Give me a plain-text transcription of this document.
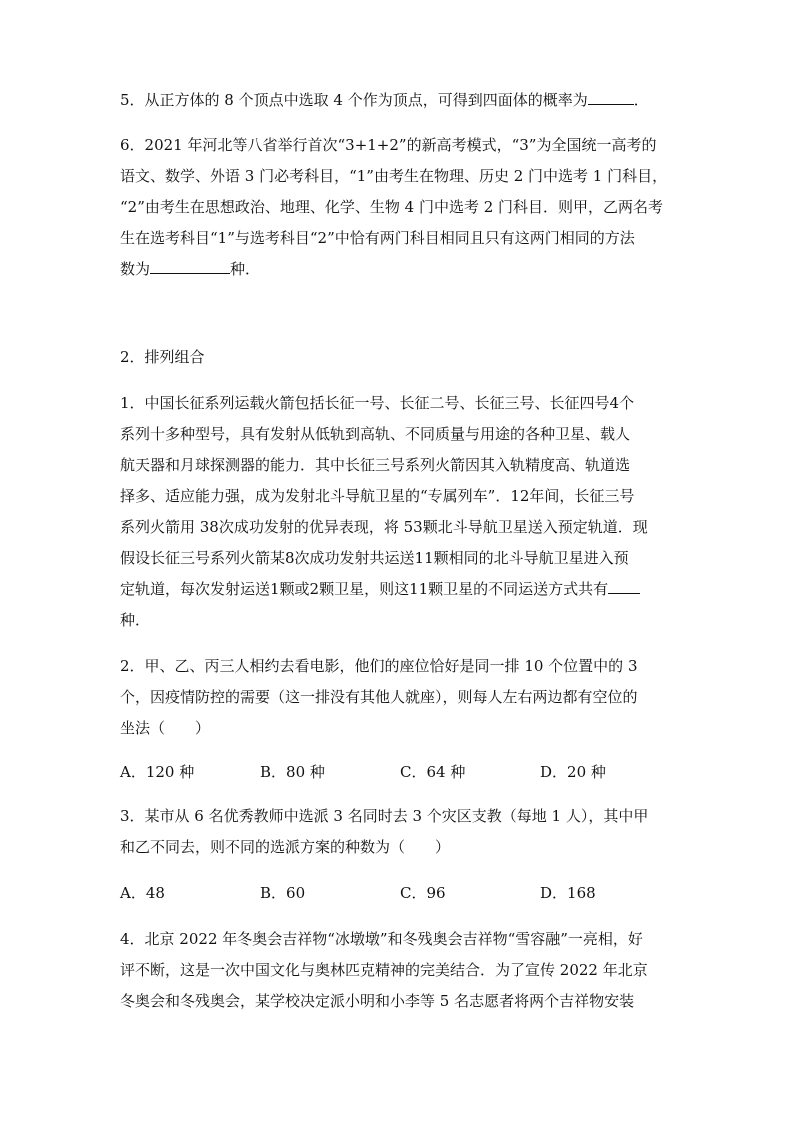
5．从正方体的 8 个顶点中选取 4 个作为顶点，可得到四面体的概率为	．
6．2021 年河北等八省举行首次“3+1+2”的新高考模式，“3”为全国统一高考的
语文、数学、外语 3 门必考科目，“1”由考生在物理、历史 2 门中选考 1 门科目，
“2”由考生在思想政治、地理、化学、生物 4 门中选考 2 门科目．则甲，乙两名考
生在选考科目“1”与选考科目“2”中恰有两门科目相同且只有这两门相同的方法
数为	种．
2．排列组合
1．中国长征系列运载火箭包括长征一号、长征二号、长征三号、长征四号4个
系列十多种型号，具有发射从低轨到高轨、不同质量与用途的各种卫星、载人
航天器和月球探测器的能力．其中长征三号系列火箭因其入轨精度高、轨道选
择多、适应能力强，成为发射北斗导航卫星的“专属列车”．12年间，长征三号
系列火箭用 38次成功发射的优异表现，将 53颗北斗导航卫星送入预定轨道．现
假设长征三号系列火箭某8次成功发射共运送11颗相同的北斗导航卫星进入预
定轨道，每次发射运送1颗或2颗卫星，则这11颗卫星的不同运送方式共有
种．
2．甲、乙、丙三人相约去看电影，他们的座位恰好是同一排 10 个位置中的 3
个，因疫情防控的需要（这一排没有其他人就座），则每人左右两边都有空位的
坐法（　　）
A．120 种	B．80 种	C．64 种	D．20 种
3．某市从 6 名优秀教师中选派 3 名同时去 3 个灾区支教（每地 1 人），其中甲
和乙不同去，则不同的选派方案的种数为（　　）
A．48	B．60	C．96	D．168
4．北京 2022 年冬奥会吉祥物“冰墩墩”和冬残奥会吉祥物“雪容融”一亮相，好
评不断，这是一次中国文化与奥林匹克精神的完美结合．为了宣传 2022 年北京
冬奥会和冬残奥会，某学校决定派小明和小李等 5 名志愿者将两个吉祥物安装
